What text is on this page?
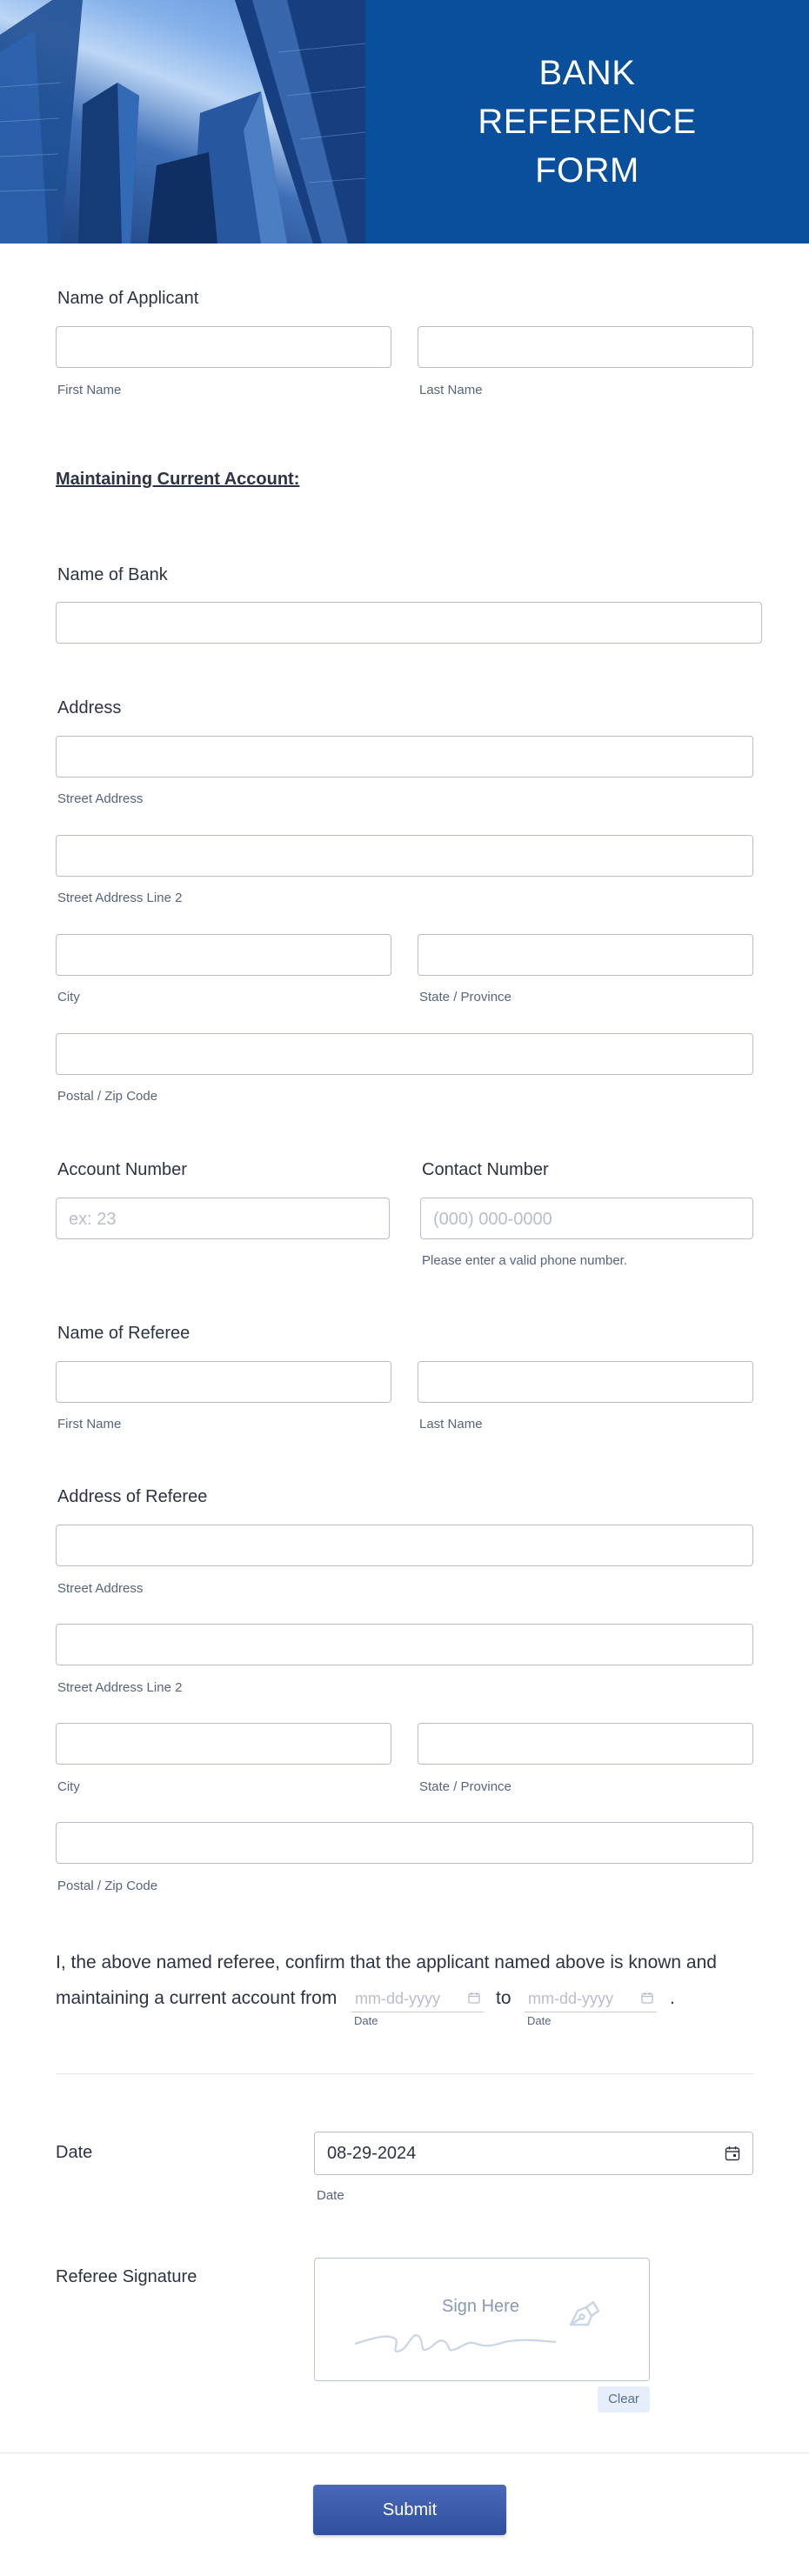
BANK REFERENCE FORM
Name of Applicant
First Name	Last Name
Maintaining Current Account:
Name of Bank
Address
Street Address
Street Address Line 2
City	State / Province
Postal / Zip Code
Account Number
ex: 23
Contact Number
(000) 000-0000
Please enter a valid phone number.
Name of Referee
First Name	Last Name
Address of Referee
Street Address
Street Address Line 2
City	State / Province
Postal / Zip Code
I, the above named referee, confirm that the applicant named above is known and
maintaining a current account from mm-dd-yyyy
Date
to mm-dd-yyyy
Date
.
Date	08-29-2024
Date
Referee Signature
Sign Here
Clear
Submit
